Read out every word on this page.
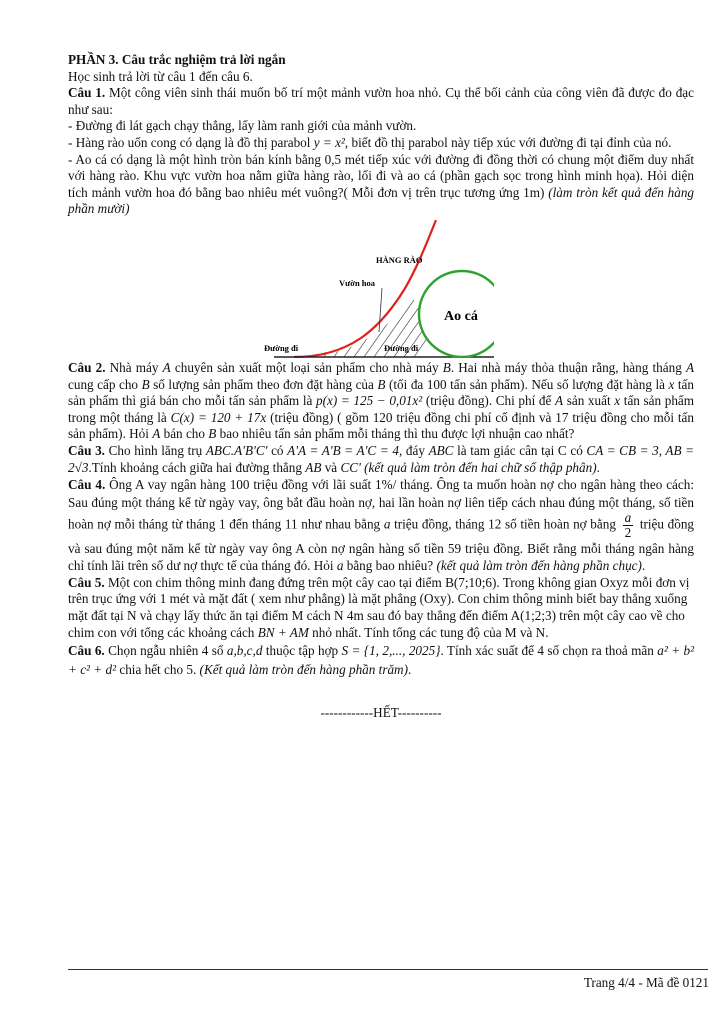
PHẦN 3. Câu trắc nghiệm trả lời ngắn

Học sinh trả lời từ câu 1 đến câu 6.

Câu 1. Một công viên sinh thái muốn bố trí một mảnh vườn hoa nhỏ. Cụ thể bối cảnh của công viên đã được đo đạc như sau:

- Đường đi lát gạch chạy thẳng, lấy làm ranh giới của mảnh vườn.

- Hàng rào uốn cong có dạng là đồ thị parabol y = x², biết đồ thị parabol này tiếp xúc với đường đi tại đỉnh của nó.

- Ao cá có dạng là một hình tròn bán kính bằng 0,5 mét tiếp xúc với đường đi đồng thời có chung một điểm duy nhất với hàng rào. Khu vực vườn hoa nằm giữa hàng rào, lối đi và ao cá (phần gạch sọc trong hình minh họa). Hỏi diện tích mảnh vườn hoa đó bằng bao nhiêu mét vuông?( Mỗi đơn vị trên trục tương ứng 1m) (làm tròn kết quả đến hàng phần mười)

HÀNG RÀO
Vườn hoa
Ao cá
Đường đi	Đường đi

Câu 2. Nhà máy A chuyên sản xuất một loại sản phẩm cho nhà máy B. Hai nhà máy thỏa thuận rằng, hàng tháng A cung cấp cho B số lượng sản phẩm theo đơn đặt hàng của B (tối đa 100 tấn sản phẩm). Nếu số lượng đặt hàng là x tấn sản phẩm thì giá bán cho mỗi tấn sản phẩm là p(x) = 125 − 0,01x² (triệu đồng). Chi phí để A sản xuất x tấn sản phẩm trong một tháng là C(x) = 120 + 17x (triệu đồng) ( gồm 120 triệu đồng chi phí cố định và 17 triệu đồng cho mỗi tấn sản phẩm). Hỏi A bán cho B bao nhiêu tấn sản phẩm mỗi tháng thì thu được lợi nhuận cao nhất?

Câu 3. Cho hình lăng trụ ABC.A'B'C' có A'A = A'B = A'C = 4, đáy ABC là tam giác cân tại C có CA = CB = 3, AB = 2√3.Tính khoảng cách giữa hai đường thẳng AB và CC' (kết quả làm tròn đến hai chữ số thập phân).

Câu 4. Ông A vay ngân hàng 100 triệu đồng với lãi suất 1%/ tháng. Ông ta muốn hoàn nợ cho ngân hàng theo cách: Sau đúng một tháng kể từ ngày vay, ông bắt đầu hoàn nợ, hai lần hoàn nợ liên tiếp cách nhau đúng một tháng, số tiền hoàn nợ mỗi tháng từ tháng 1 đến tháng 11 như nhau bằng a triệu đồng, tháng 12 số tiền hoàn nợ bằng $\frac{a}{2}$ triệu đồng và sau đúng một năm kể từ ngày vay ông A còn nợ ngân hàng số tiền 59 triệu đồng. Biết rằng mỗi tháng ngân hàng chỉ tính lãi trên số dư nợ thực tế của tháng đó. Hỏi a bằng bao nhiêu? (kết quả làm tròn đến hàng phần chục).

Câu 5. Một con chim thông minh đang đứng trên một cây cao tại điểm B(7;10;6). Trong không gian Oxyz mỗi đơn vị trên trục ứng với 1 mét và mặt đất ( xem như phẳng) là mặt phẳng (Oxy). Con chim thông minh biết bay thẳng xuống mặt đất tại N và chạy lấy thức ăn tại điểm M cách N 4m sau đó bay thẳng đến điểm A(1;2;3) trên một cây cao về cho chim con với tổng các khoảng cách BN + AM nhỏ nhất. Tính tổng các tung độ của M và N.

Câu 6. Chọn ngẫu nhiên 4 số a,b,c,d thuộc tập hợp S = {1, 2,..., 2025}. Tính xác suất để 4 số chọn ra thoả mãn a² + b² + c² + d² chia hết cho 5. (Kết quả làm tròn đến hàng phần trăm).

------------HẾT----------

Trang 4/4 - Mã đề 0121
